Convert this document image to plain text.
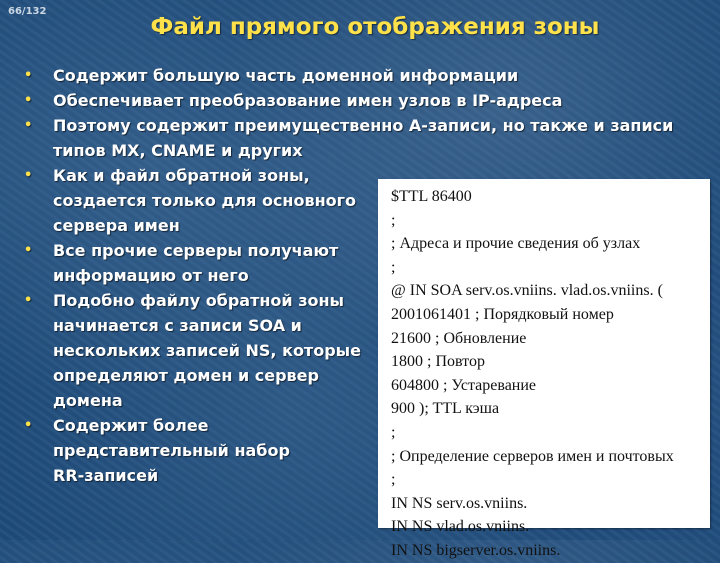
66/132
Файл прямого отображения зоны
• Содержит большую часть доменной информации
• Обеспечивает преобразование имен узлов в IP-адреса
• Поэтому содержит преимущественно А-записи, но также и записи типов MX, CNAME и других
• Как и файл обратной зоны, создается только для основного сервера имен
• Все прочие серверы получают информацию от него
• Подобно файлу обратной зоны начинается с записи SOA и нескольких записей NS, которые определяют домен и сервер домена
• Содержит более представительный набор RR-записей
$TTL 86400
;
; Адреса и прочие сведения об узлах
;
@ IN SOA serv.os.vniins. vlad.os.vniins. (
2001061401 ; Порядковый номер
21600 ; Обновление
1800 ; Повтор
604800 ; Устаревание
900 ); TTL кэша
;
; Определение серверов имен и почтовых
;
IN NS serv.os.vniins.
IN NS vlad.os.vniins.
IN NS bigserver.os.vniins.
